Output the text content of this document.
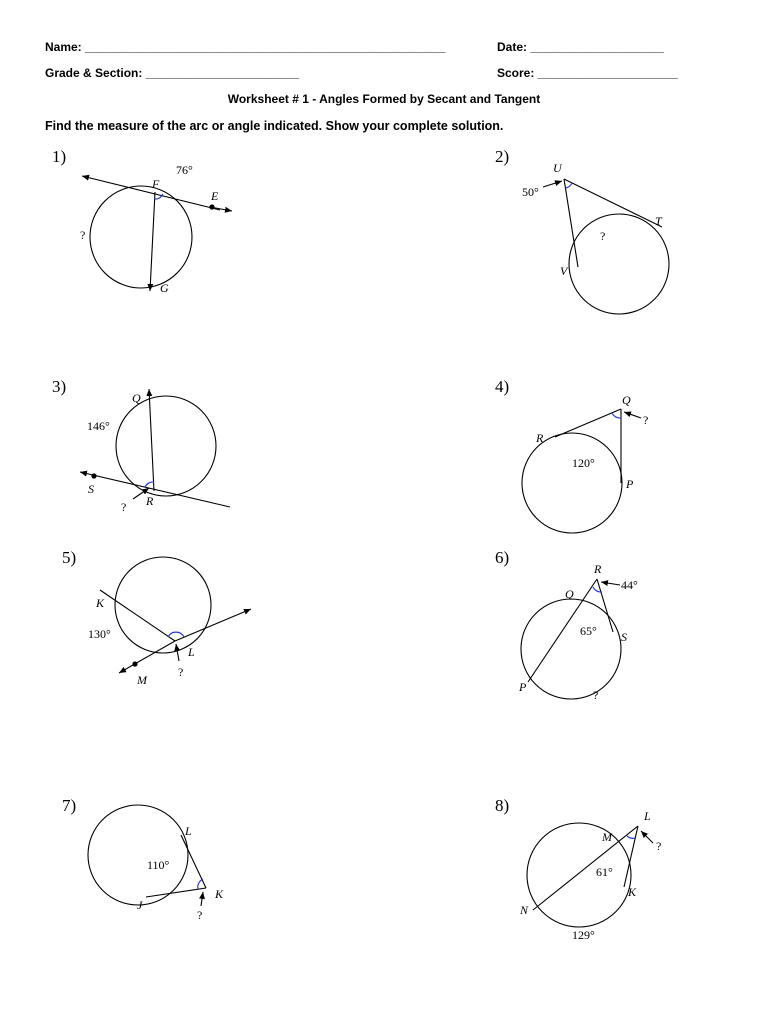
Name: ______________________________________________________	Date: ____________________
Grade & Section: _______________________	Score: _____________________
Worksheet # 1 - Angles Formed by Secant and Tangent
Find the measure of the arc or angle indicated. Show your complete solution.
1)
76°
F
E
G
?
2)
U
50°
T
?
V
3)
Q
146°
S
R
?
4)
Q
?
R
120°
P
5)
K
130°
L
?
M
6)
R
44°
Q
65° S
P
?
7)
L
110°
K
J
?
8)
L
M
?
61°
K
N
129°
